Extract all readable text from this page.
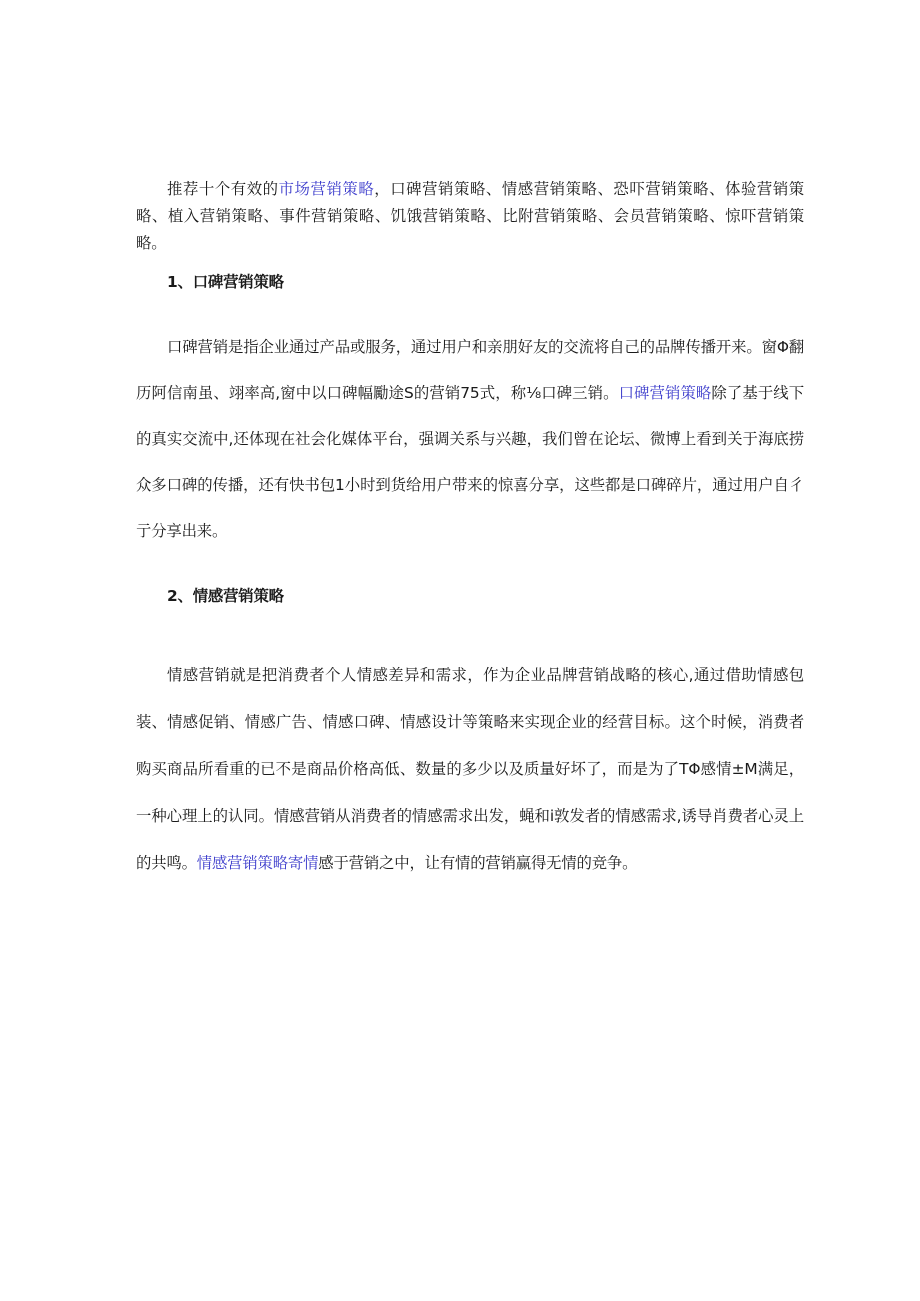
推荐十个有效的市场营销策略，口碑营销策略、情感营销策略、恐吓营销策略、体验营销策略、植入营销策略、事件营销策略、饥饿营销策略、比附营销策略、会员营销策略、惊吓营销策略。

1、口碑营销策略

口碑营销是指企业通过产品或服务，通过用户和亲朋好友的交流将自己的品牌传播开来。窗Φ翻历阿信南虽、翊率高,窗中以口碑幅勵途S的营销75式，称⅛口碑三销。口碑营销策略除了基于线下的真实交流中,还体现在社会化媒体平台，强调关系与兴趣，我们曾在论坛、微博上看到关于海底捞众多口碑的传播，还有快书包1小时到货给用户带来的惊喜分享，这些都是口碑碎片，通过用户自彳亍分享出来。

2、情感营销策略

情感营销就是把消费者个人情感差异和需求，作为企业品牌营销战略的核心,通过借助情感包装、情感促销、情感广告、情感口碑、情感设计等策略来实现企业的经营目标。这个时候，消费者购买商品所看重的已不是商品价格高低、数量的多少以及质量好坏了，而是为了TΦ感情±M满足，一种心理上的认同。情感营销从消费者的情感需求出发，蝇和i敦发者的情感需求,诱导肖费者心灵上的共鸣。情感营销策略寄情感于营销之中，让有情的营销赢得无情的竞争。
